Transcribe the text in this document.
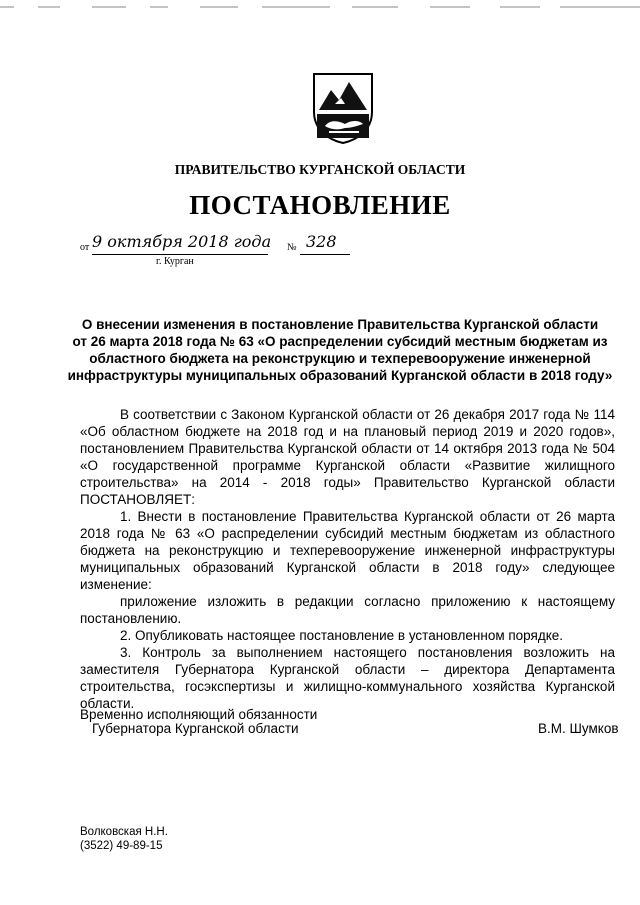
ПРАВИТЕЛЬСТВО КУРГАНСКОЙ ОБЛАСТИ
ПОСТАНОВЛЕНИЕ
от 9 октября 2018 года № 328
г. Курган
О внесении изменения в постановление Правительства Курганской области
от 26 марта 2018 года № 63 «О распределении субсидий местным бюджетам из
областного бюджета на реконструкцию и техперевооружение инженерной
инфраструктуры муниципальных образований Курганской области в 2018 году»

В соответствии с Законом Курганской области от 26 декабря 2017 года № 114 «Об областном бюджете на 2018 год и на плановый период 2019 и 2020 годов», постановлением Правительства Курганской области от 14 октября 2013 года № 504 «О государственной программе Курганской области «Развитие жилищного строительства» на 2014 - 2018 годы» Правительство Курганской области ПОСТАНОВЛЯЕТ:

1. Внести в постановление Правительства Курганской области от 26 марта 2018 года № 63 «О распределении субсидий местным бюджетам из областного бюджета на реконструкцию и техперевооружение инженерной инфраструктуры муниципальных образований Курганской области в 2018 году» следующее изменение:

приложение изложить в редакции согласно приложению к настоящему постановлению.

2. Опубликовать настоящее постановление в установленном порядке.

3. Контроль за выполнением настоящего постановления возложить на заместителя Губернатора Курганской области – директора Департамента строительства, госэкспертизы и жилищно-коммунального хозяйства Курганской области.

Временно исполняющий обязанности
Губернатора Курганской области	В.М. Шумков
Волковская Н.Н.
(3522) 49-89-15
